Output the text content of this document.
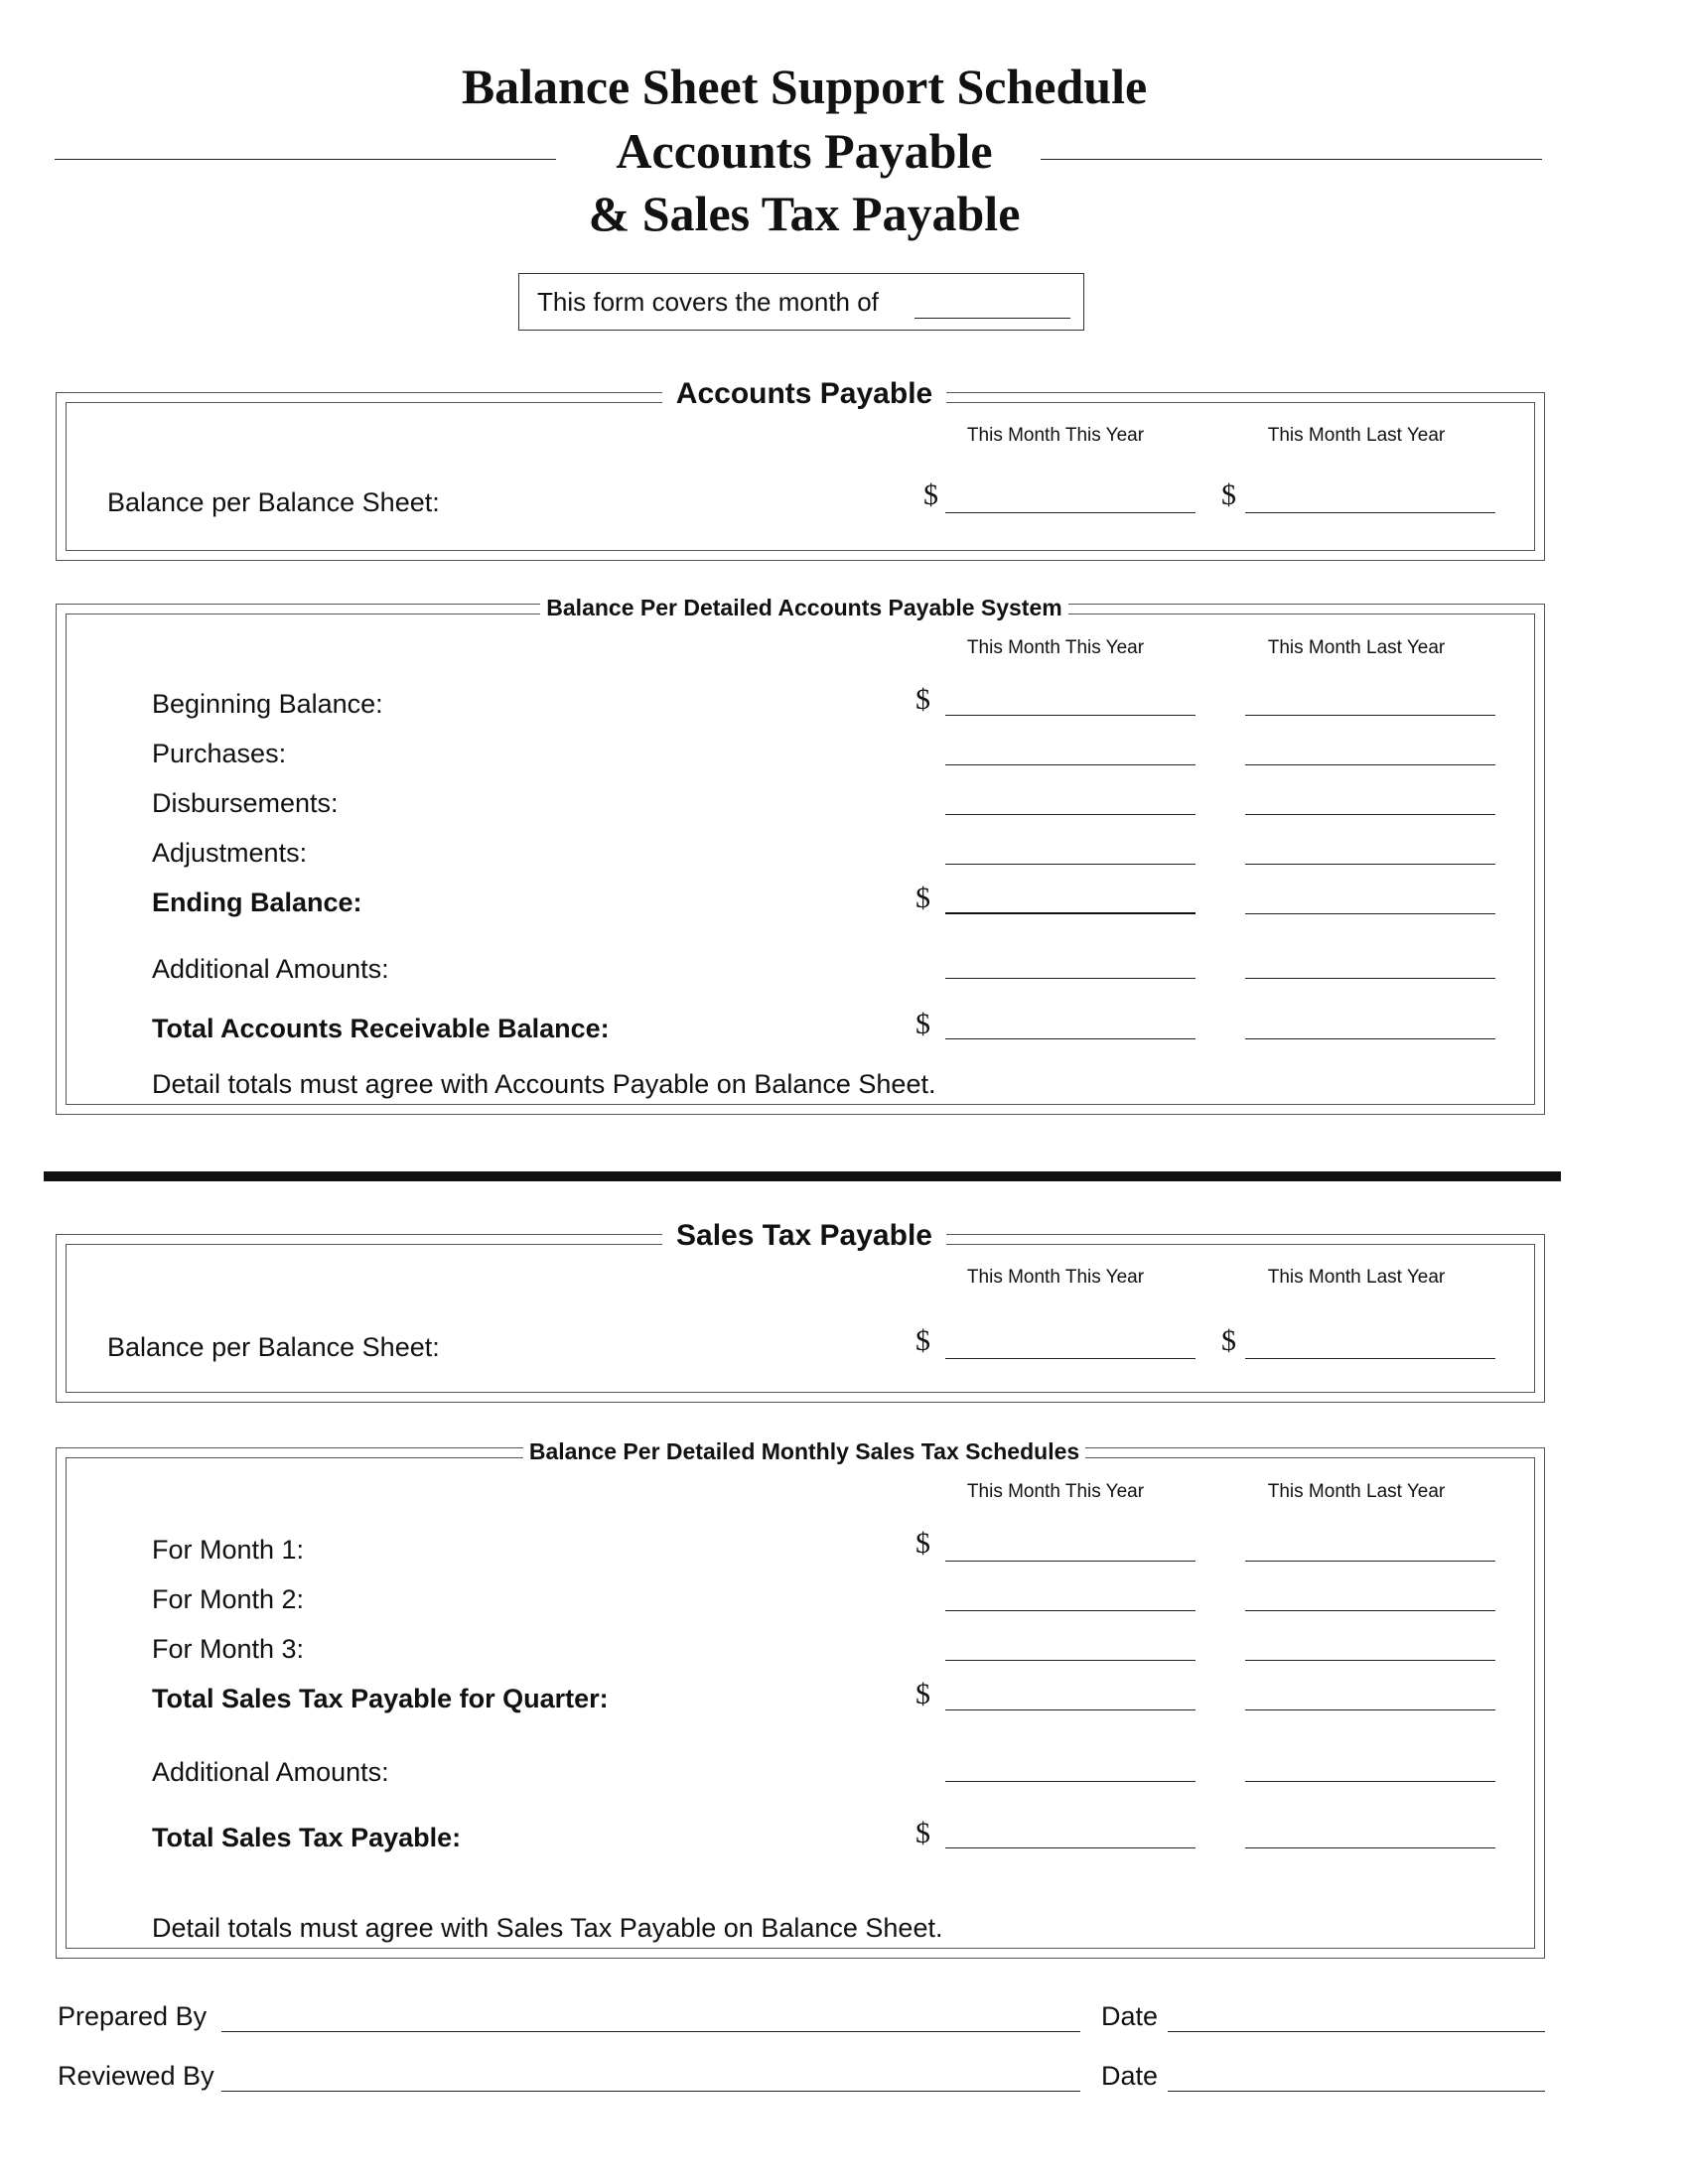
Balance Sheet Support Schedule
Accounts Payable
& Sales Tax Payable
This form covers the month of
Accounts Payable
This Month This Year	This Month Last Year
Balance per Balance Sheet:	$	$
Balance Per Detailed Accounts Payable System
This Month This Year	This Month Last Year
Beginning Balance:	$
Purchases:
Disbursements:
Adjustments:
Ending Balance:	$
Additional Amounts:
Total Accounts Receivable Balance:	$
Detail totals must agree with Accounts Payable on Balance Sheet.
Sales Tax Payable
This Month This Year	This Month Last Year
Balance per Balance Sheet:	$	$
Balance Per Detailed Monthly Sales Tax Schedules
This Month This Year	This Month Last Year
For Month 1:	$
For Month 2:
For Month 3:
Total Sales Tax Payable for Quarter:	$
Additional Amounts:
Total Sales Tax Payable:	$
Detail totals must agree with Sales Tax Payable on Balance Sheet.
Prepared By	Date
Reviewed By	Date
